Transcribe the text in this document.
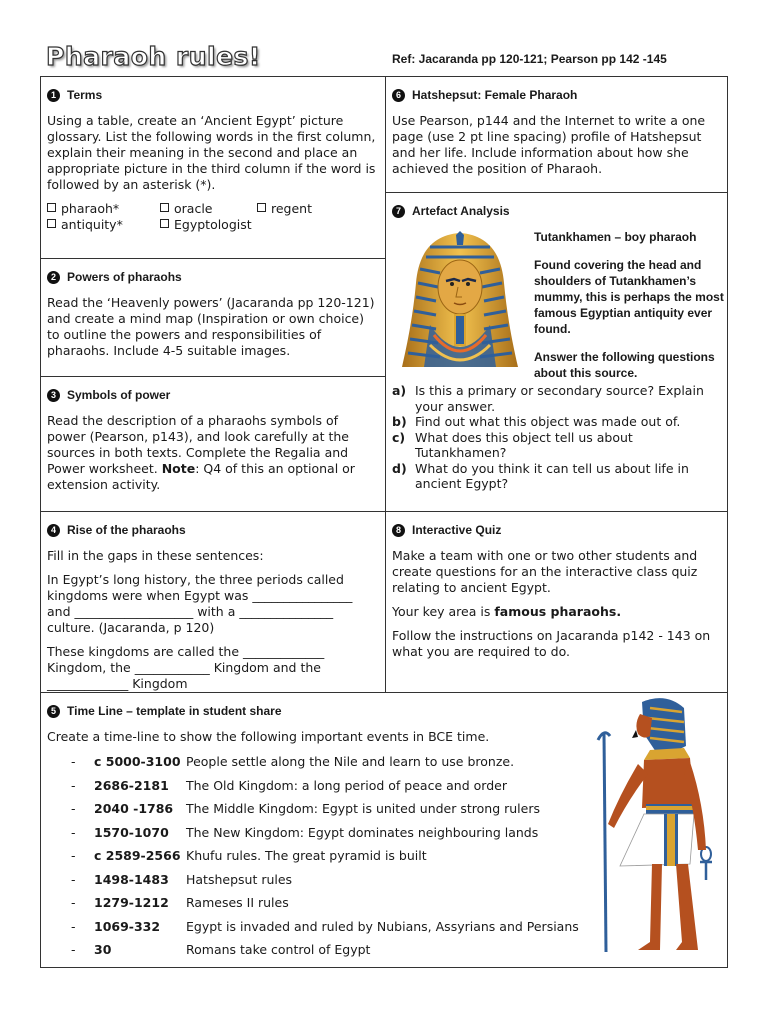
Pharaoh rules!	Ref: Jacaranda pp 120-121; Pearson pp 142 -145
1 Terms

Using a table, create an ‘Ancient Egypt’ picture glossary. List the following words in the first column, explain their meaning in the second and place an appropriate picture in the third column if the word is followed by an asterisk (*).

pharaoh*	oracle	regent
antiquity*	Egyptologist
6 Hatshepsut: Female Pharaoh

Use Pearson, p144 and the Internet to write a one page (use 2 pt line spacing) profile of Hatshepsut and her life. Include information about how she achieved the position of Pharaoh.

2 Powers of pharaohs

Read the ‘Heavenly powers’ (Jacaranda pp 120-121) and create a mind map (Inspiration or own choice) to outline the powers and responsibilities of pharaohs. Include 4-5 suitable images.

7 Artefact Analysis
Tutankhamen – boy pharaoh
Found covering the head and shoulders of Tutankhamen’s mummy, this is perhaps the most famous Egyptian antiquity ever found.
Answer the following questions about this source.
a) Is this a primary or secondary source? Explain your answer.
b) Find out what this object was made out of.
c) What does this object tell us about Tutankhamen?
d) What do you think it can tell us about life in ancient Egypt?
3 Symbols of power

Read the description of a pharaohs symbols of power (Pearson, p143), and look carefully at the sources in both texts. Complete the Regalia and Power worksheet. Note: Q4 of this an optional or extension activity.

4 Rise of the pharaohs

Fill in the gaps in these sentences:

In Egypt’s long history, the three periods called kingdoms were when Egypt was ________________ and ___________________ with a _______________ culture. (Jacaranda, p 120)

These kingdoms are called the _____________ Kingdom, the ____________ Kingdom and the _____________ Kingdom

8 Interactive Quiz

Make a team with one or two other students and create questions for an the interactive class quiz relating to ancient Egypt.

Your key area is famous pharaohs.

Follow the instructions on Jacaranda p142 - 143 on what you are required to do.

5 Time Line – template in student share

Create a time-line to show the following important events in BCE time.

-	c 5000-3100 People settle along the Nile and learn to use bronze.
-	2686-2181	The Old Kingdom: a long period of peace and order
-	2040 -1786	The Middle Kingdom: Egypt is united under strong rulers
-	1570-1070	The New Kingdom: Egypt dominates neighbouring lands
-	c 2589-2566 Khufu rules. The great pyramid is built
-	1498-1483	Hatshepsut rules
-	1279-1212	Rameses II rules
-	1069-332	Egypt is invaded and ruled by Nubians, Assyrians and Persians
-	30	Romans take control of Egypt
